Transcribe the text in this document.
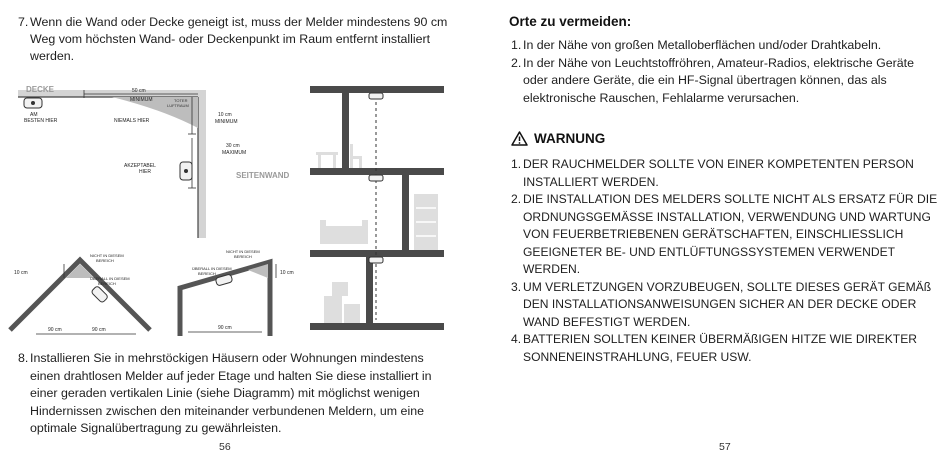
7. Wenn die Wand oder Decke geneigt ist, muss der Melder mindestens 90 cm Weg vom höchsten Wand- oder Deckenpunkt im Raum entfernt installiert werden.
DECKE
SEITENWAND
50 cm
MINIMUM	TOTER
LUFTRAUM
AM
BESTEN HIER	NIEMALS HIER
10 cm
MINIMUM
30 cm
MAXIMUM
AKZEPTABEL
HIER
NICHT IN DIESEM
BEREICH
ÜBERALL IN DIESEM
BEREICH
10 cm
90 cm	90 cm
NICHT IN DIESEM
BEREICH
ÜBERALL IN DIESEM
BEREICH	10 cm
90 cm
8. Installieren Sie in mehrstöckigen Häusern oder Wohnungen mindestens einen drahtlosen Melder auf jeder Etage und halten Sie diese installiert in einer geraden vertikalen Linie (siehe Diagramm) mit möglichst wenigen Hindernissen zwischen den miteinander verbundenen Meldern, um eine optimale Signalübertragung zu gewährleisten.
56
Orte zu vermeiden:
1. In der Nähe von großen Metalloberflächen und/oder Drahtkabeln.
2. In der Nähe von Leuchtstoffröhren, Amateur-Radios, elektrische Geräte oder andere Geräte, die ein HF-Signal übertragen können, das als elektronische Rauschen, Fehlalarme verursachen.
WARNUNG
1. DER RAUCHMELDER SOLLTE VON EINER KOMPETENTEN PERSON INSTALLIERT WERDEN.
2. DIE INSTALLATION DES MELDERS SOLLTE NICHT ALS ERSATZ FÜR DIE ORDNUNGSGEMÄSSE INSTALLATION, VERWENDUNG UND WARTUNG VON FEUERBETRIEBENEN GERÄTSCHAFTEN, EINSCHLIESSLICH GEEIGNETER BE- UND ENTLÜFTUNGSSYSTEMEN VERWENDET WERDEN.
3. UM VERLETZUNGEN VORZUBEUGEN, SOLLTE DIESES GERÄT GEMÄß DEN INSTALLATIONSANWEISUNGEN SICHER AN DER DECKE ODER WAND BEFESTIGT WERDEN.
4. BATTERIEN SOLLTEN KEINER ÜBERMÄßIGEN HITZE WIE DIREKTER SONNENEINSTRAHLUNG, FEUER USW.
57
